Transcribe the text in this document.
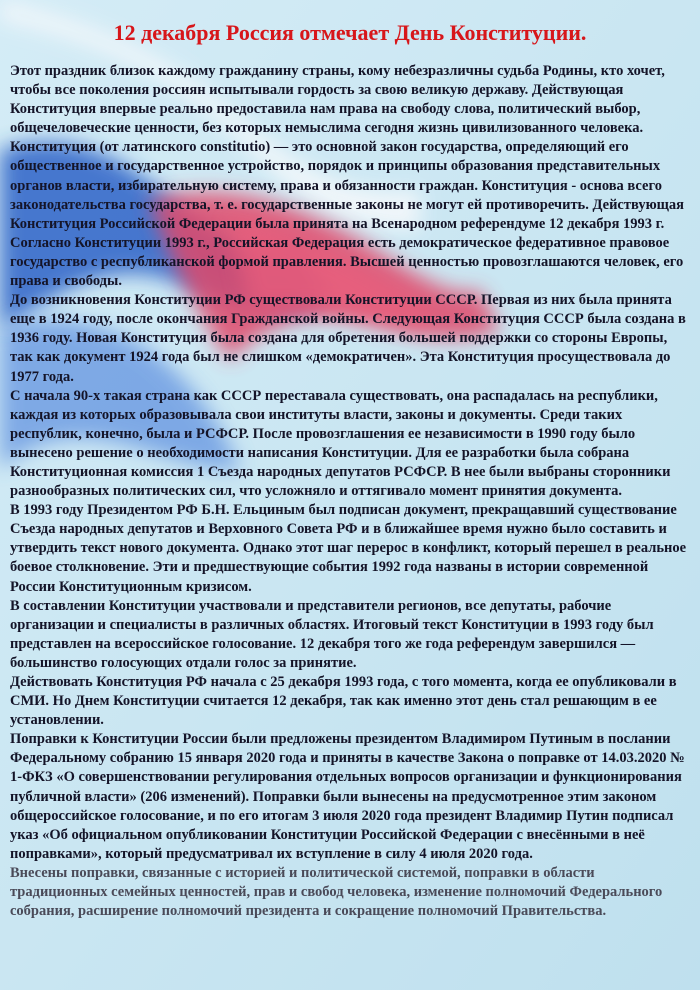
12 декабря Россия отмечает День Конституции.

Этот праздник близок каждому гражданину страны, кому небезразличны судьба Родины, кто хочет, чтобы все поколения россиян испытывали гордость за свою великую державу. Действующая Конституция впервые реально предоставила нам права на свободу слова, политический выбор, общечеловеческие ценности, без которых немыслима сегодня жизнь цивилизованного человека.

Конституция (от латинского constitutio) — это основной закон государства, определяющий его общественное и государственное устройство, порядок и принципы образования представительных органов власти, избирательную систему, права и обязанности граждан. Конституция - основа всего законодательства государства, т. е. государственные законы не могут ей противоречить. Действующая Конституция Российской Федерации была принята на Всенародном референдуме 12 декабря 1993 г. Согласно Конституции 1993 г., Российская Федерация есть демократическое федеративное правовое государство с республиканской формой правления. Высшей ценностью провозглашаются человек, его права и свободы.

До возникновения Конституции РФ существовали Конституции СССР. Первая из них была принята еще в 1924 году, после окончания Гражданской войны. Следующая Конституция СССР была создана в 1936 году. Новая Конституция была создана для обретения большей поддержки со стороны Европы, так как документ 1924 года был не слишком «демократичен». Эта Конституция просуществовала до 1977 года.

С начала 90-х такая страна как СССР переставала существовать, она распадалась на республики, каждая из которых образовывала свои институты власти, законы и документы. Среди таких республик, конечно, была и РСФСР. После провозглашения ее независимости в 1990 году было вынесено решение о необходимости написания Конституции. Для ее разработки была собрана Конституционная комиссия 1 Съезда народных депутатов РСФСР. В нее были выбраны сторонники разнообразных политических сил, что усложняло и оттягивало момент принятия документа.

В 1993 году Президентом РФ Б.Н. Ельциным был подписан документ, прекращавший существование Съезда народных депутатов и Верховного Совета РФ и в ближайшее время нужно было составить и утвердить текст нового документа. Однако этот шаг перерос в конфликт, который перешел в реальное боевое столкновение. Эти и предшествующие события 1992 года названы в истории современной России Конституционным кризисом.

В составлении Конституции участвовали и представители регионов, все депутаты, рабочие организации и специалисты в различных областях. Итоговый текст Конституции в 1993 году был представлен на всероссийское голосование. 12 декабря того же года референдум завершился — большинство голосующих отдали голос за принятие.

Действовать Конституция РФ начала с 25 декабря 1993 года, с того момента, когда ее опубликовали в СМИ. Но Днем Конституции считается 12 декабря, так как именно этот день стал решающим в ее установлении.

Поправки к Конституции России были предложены президентом Владимиром Путиным в послании Федеральному собранию 15 января 2020 года и приняты в качестве Закона о поправке от 14.03.2020 № 1-ФКЗ «О совершенствовании регулирования отдельных вопросов организации и функционирования публичной власти» (206 изменений). Поправки были вынесены на предусмотренное этим законом общероссийское голосование, и по его итогам 3 июля 2020 года президент Владимир Путин подписал указ «Об официальном опубликовании Конституции Российской Федерации с внесёнными в неё поправками», который предусматривал их вступление в силу 4 июля 2020 года.

Внесены поправки, связанные с историей и политической системой, поправки в области традиционных семейных ценностей, прав и свобод человека, изменение полномочий Федерального собрания, расширение полномочий президента и сокращение полномочий Правительства.
